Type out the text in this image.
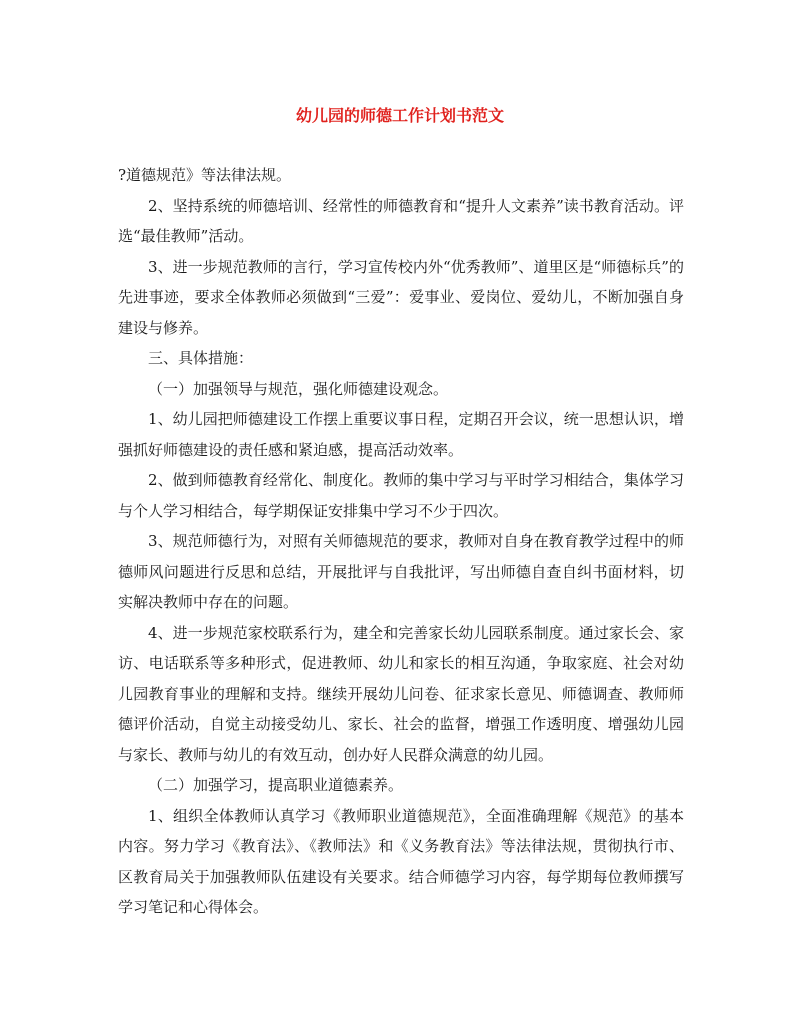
幼儿园的师德工作计划书范文

?道德规范》等法律法规。

2、坚持系统的师德培训、经常性的师德教育和“提升人文素养”读书教育活动。评选“最佳教师”活动。

3、进一步规范教师的言行，学习宣传校内外“优秀教师”、道里区是“师德标兵”的先进事迹，要求全体教师必须做到“三爱”：爱事业、爱岗位、爱幼儿，不断加强自身建设与修养。

三、具体措施：

（一）加强领导与规范，强化师德建设观念。

1、幼儿园把师德建设工作摆上重要议事日程，定期召开会议，统一思想认识，增强抓好师德建设的责任感和紧迫感，提高活动效率。

2、做到师德教育经常化、制度化。教师的集中学习与平时学习相结合，集体学习与个人学习相结合，每学期保证安排集中学习不少于四次。

3、规范师德行为，对照有关师德规范的要求，教师对自身在教育教学过程中的师德师风问题进行反思和总结，开展批评与自我批评，写出师德自查自纠书面材料，切实解决教师中存在的问题。

4、进一步规范家校联系行为，建全和完善家长幼儿园联系制度。通过家长会、家访、电话联系等多种形式，促进教师、幼儿和家长的相互沟通，争取家庭、社会对幼儿园教育事业的理解和支持。继续开展幼儿问卷、征求家长意见、师德调查、教师师德评价活动，自觉主动接受幼儿、家长、社会的监督，增强工作透明度、增强幼儿园与家长、教师与幼儿的有效互动，创办好人民群众满意的幼儿园。

（二）加强学习，提高职业道德素养。

1、组织全体教师认真学习《教师职业道德规范》，全面准确理解《规范》的基本内容。努力学习《教育法》、《教师法》和《义务教育法》等法律法规，贯彻执行市、区教育局关于加强教师队伍建设有关要求。结合师德学习内容，每学期每位教师撰写学习笔记和心得体会。
